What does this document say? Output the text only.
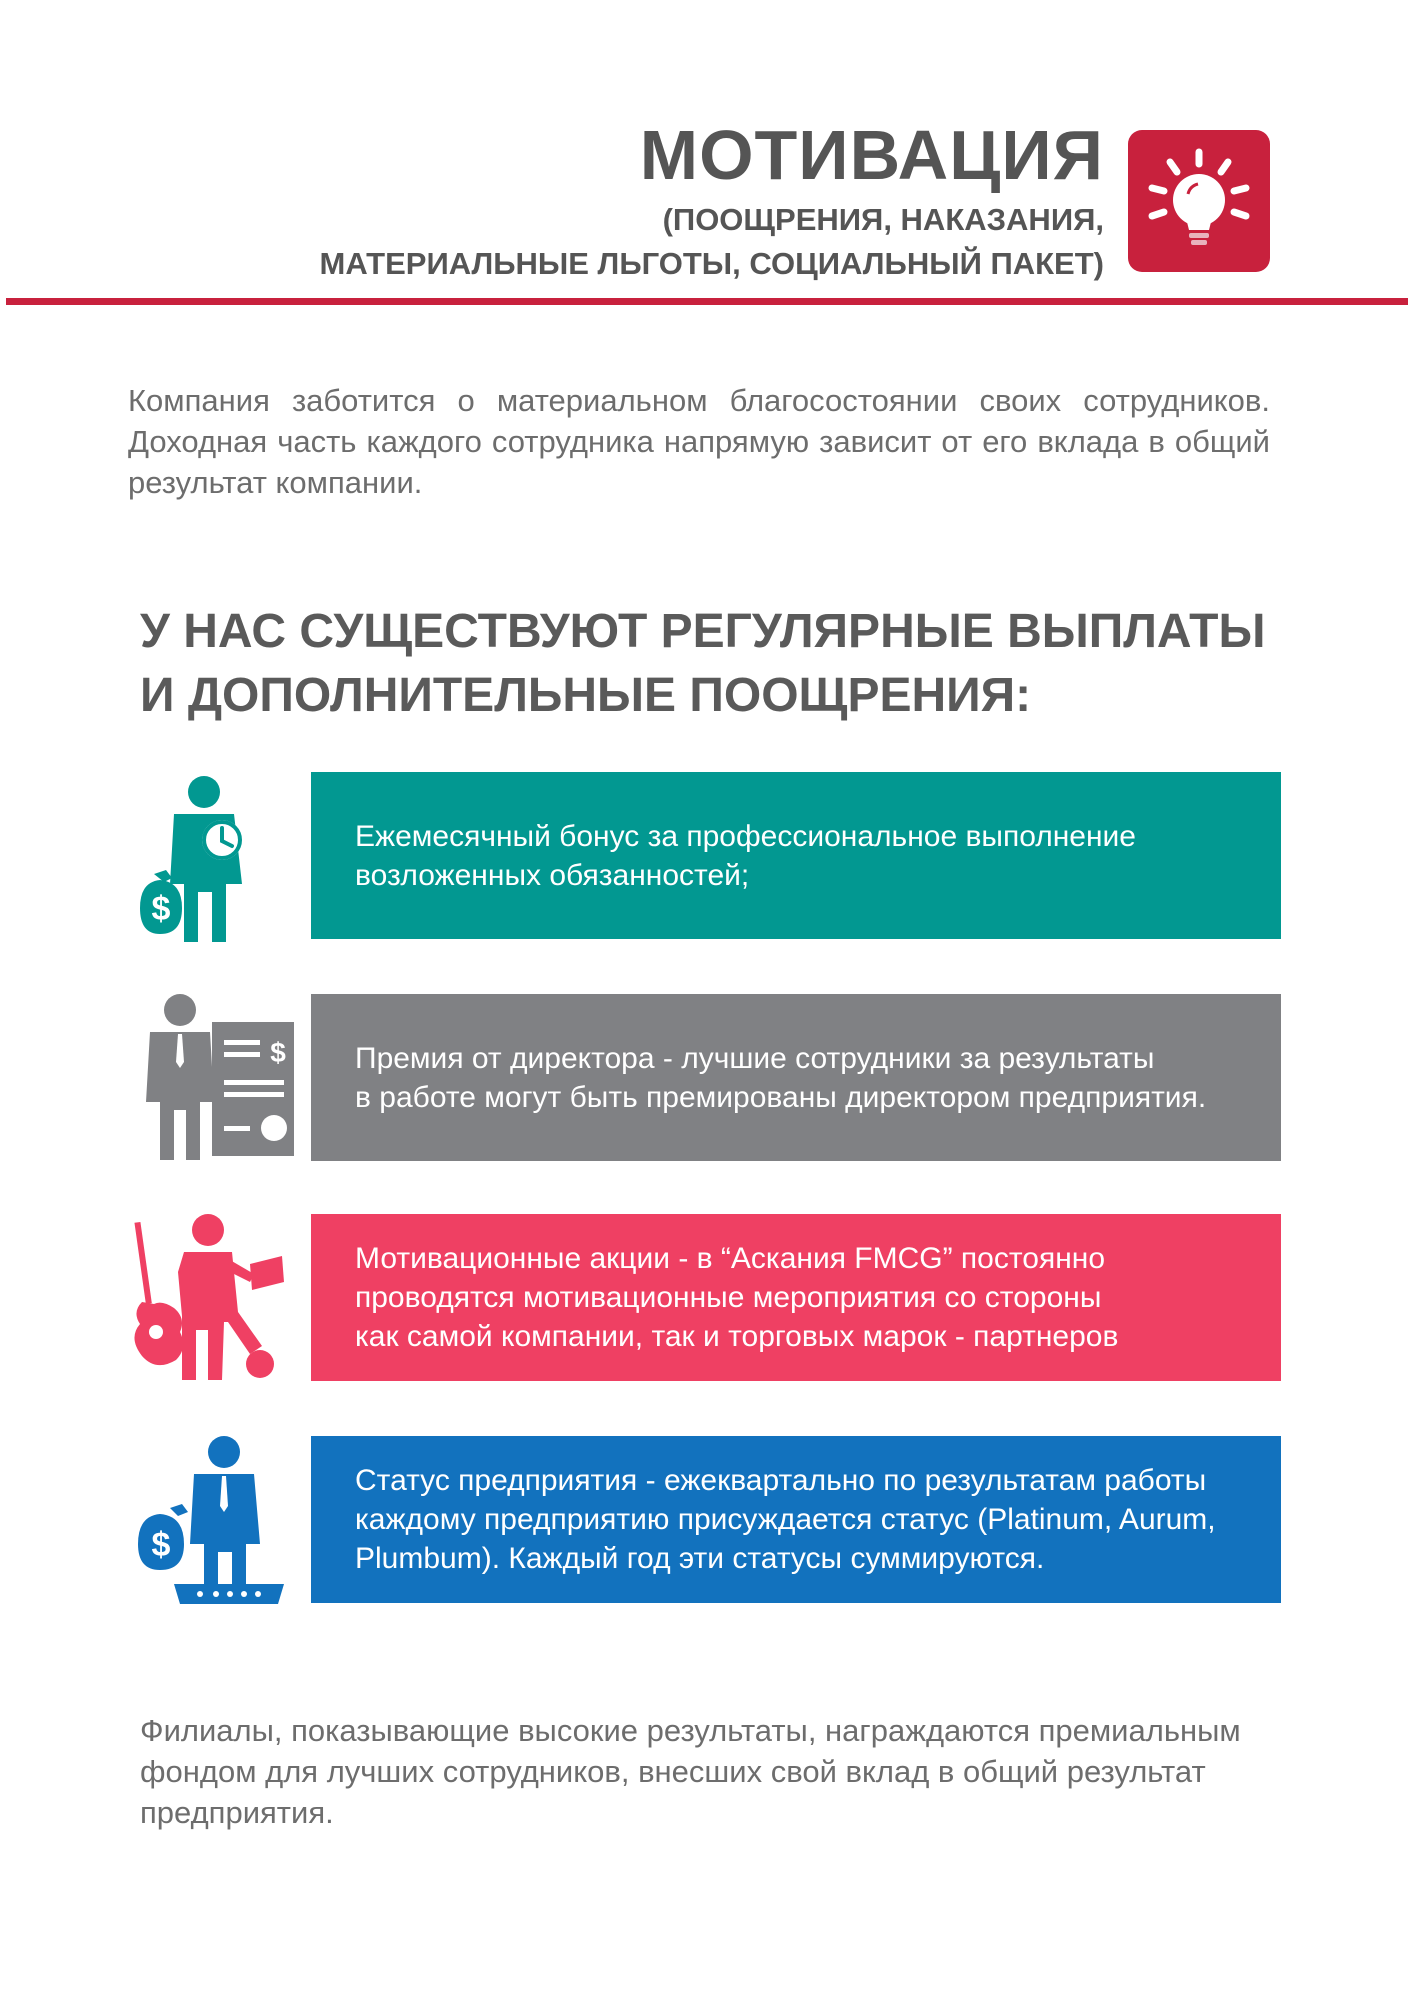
МОТИВАЦИЯ
(ПООЩРЕНИЯ, НАКАЗАНИЯ,
МАТЕРИАЛЬНЫЕ ЛЬГОТЫ, СОЦИАЛЬНЫЙ ПАКЕТ)
Компания заботится о материальном благосостоянии своих сотрудников. Доходная часть каждого сотрудника напрямую зависит от его вклада в общий результат компании.
У НАС СУЩЕСТВУЮТ РЕГУЛЯРНЫЕ ВЫПЛАТЫ
И ДОПОЛНИТЕЛЬНЫЕ ПООЩРЕНИЯ:
$
Ежемесячный бонус за профессиональное выполнение
возложенных обязанностей;
$ Премия от директора - лучшие сотрудники за результаты
в работе могут быть премированы директором предприятия.
Мотивационные акции - в “Аскания FMCG” постоянно
проводятся мотивационные мероприятия со стороны
как самой компании, так и торговых марок - партнеров
$
Статус предприятия - ежеквартально по результатам работы
каждому предприятию присуждается статус (Platinum, Aurum,
Plumbum). Каждый год эти статусы суммируются.
Филиалы, показывающие высокие результаты, награждаются премиальным фондом для лучших сотрудников, внесших свой вклад в общий результат предприятия.
